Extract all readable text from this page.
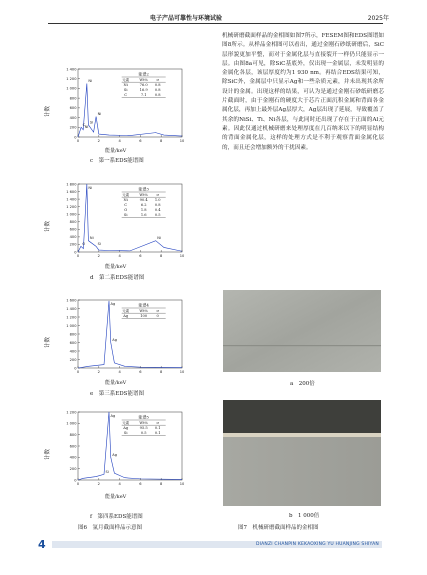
电子产品可靠性与环境试验	2025年
0
200
400
600
800
1 000
1 200
1 400
0	2	4	6	8	10
C
Ni
Ni
Si
Ni
能谱2
元素	Wt% σ
Ni	76.0 0.8
Si	16.9 0.8
C	7.1 0.8
计数
能量/keV
c　第一系EDS能谱图
0
200
400
600
800
1 000
1 200
1 400
1 600
1 800
0	2	4	6	8	10
O
Ni
Ni
Si
Ni
能谱3
元素	Wt% σ
Ni	90.4 1.0
C	6.2 0.8
O	1.8 0.4
Si	1.6 0.5
计数
能量/keV
d　第二系EDS能谱图
0
200
400
600
800
1 000
1 200
1 400
1 600
0	2	4	6	8	10
Ag
Ag
能谱4
元素	Wt% σ
Ag	100	0
计数
能量/keV
e　第三系EDS能谱图
0
200
400
600
800
1 000
1 200
0	2	4	6	8	10
Si
Ag
Ag
能谱5
元素	Wt% σ
Ag	95.5 0.1
Si	0.5 0.1
计数
能量/keV
f　第四系EDS能谱图
图6　氩月截面样品示意图
机械研磨截面样品的金相图如图7所示，FESEM图和EDS图谱如图8所示。从样品金相图可以看出，通过金刚石砂纸研磨后，SiC层形貌更加平整，而对于金属化层与直接裂开一样仍只能显示一层。由图8a可见，除SiC基底外，仅出现一金属层，未发明显的金属化各层，该层厚度约为1 930 nm。再结合EDS结果可知，除SiC外，金属层中只显示Ag和一些杂质元素，并未出现其余所设计的金属。出现这样的结果，可认为是通过金刚石砂纸研磨芯片截面时，由于金刚石的硬度大于芯片正面沉积金属和背面各金属化层，再加上最外层Ag层厚大，Ag层出现了延展，导致覆盖了其余的NiSi、Ti、Ni各层，与此同时还出现了存在于正面的Al元素。因此仅通过机械研磨来处理厚度在几百纳米以下的明显结构的背面金属化层，这样的处理方式是不利于观察背面金属化层的，而且还会增加额外的干扰因素。
a　200倍
b　1 000倍
图7　机械研磨截面样品的金相图
4	DIANZI CHANPIN KEKAOXING YU HUANJING SHIYAN
